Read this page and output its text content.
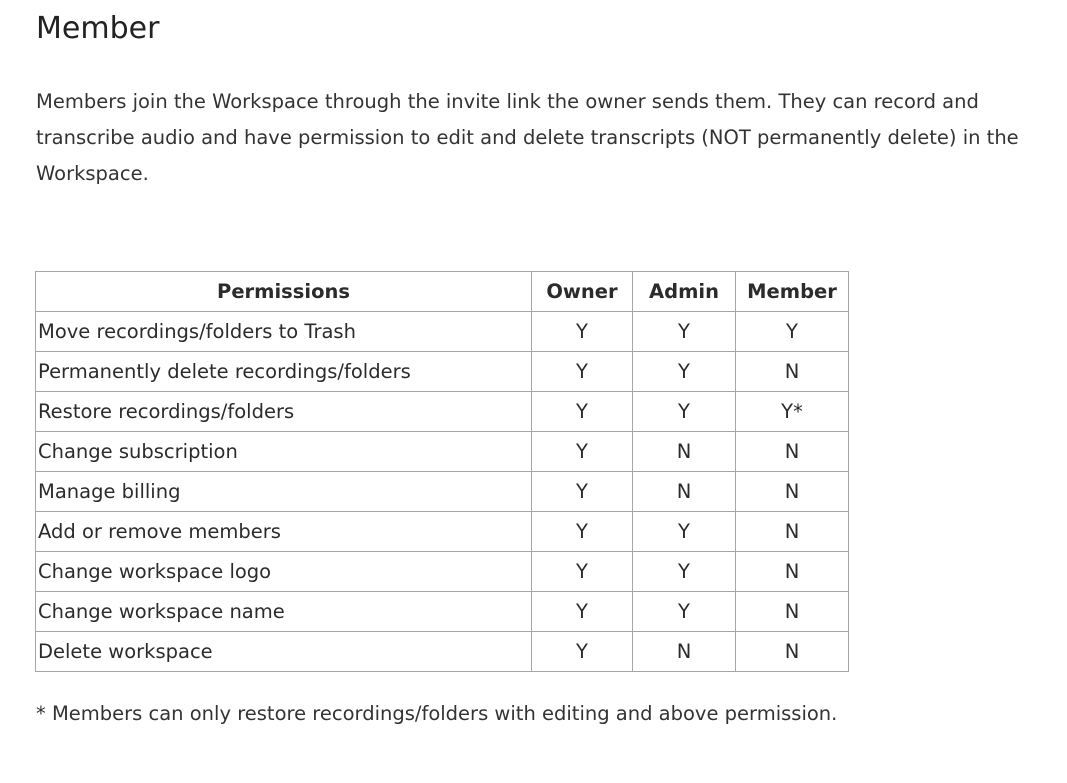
Member

Members join the Workspace through the invite link the owner sends them. They can record and transcribe audio and have permission to edit and delete transcripts (NOT permanently delete) in the Workspace.

Permissions	Owner	Admin	Member
Move recordings/folders to Trash	Y	Y	Y
Permanently delete recordings/folders	Y	Y	N
Restore recordings/folders	Y	Y	Y*
Change subscription	Y	N	N
Manage billing	Y	N	N
Add or remove members	Y	Y	N
Change workspace logo	Y	Y	N
Change workspace name	Y	Y	N
Delete workspace	Y	N	N

* Members can only restore recordings/folders with editing and above permission.
